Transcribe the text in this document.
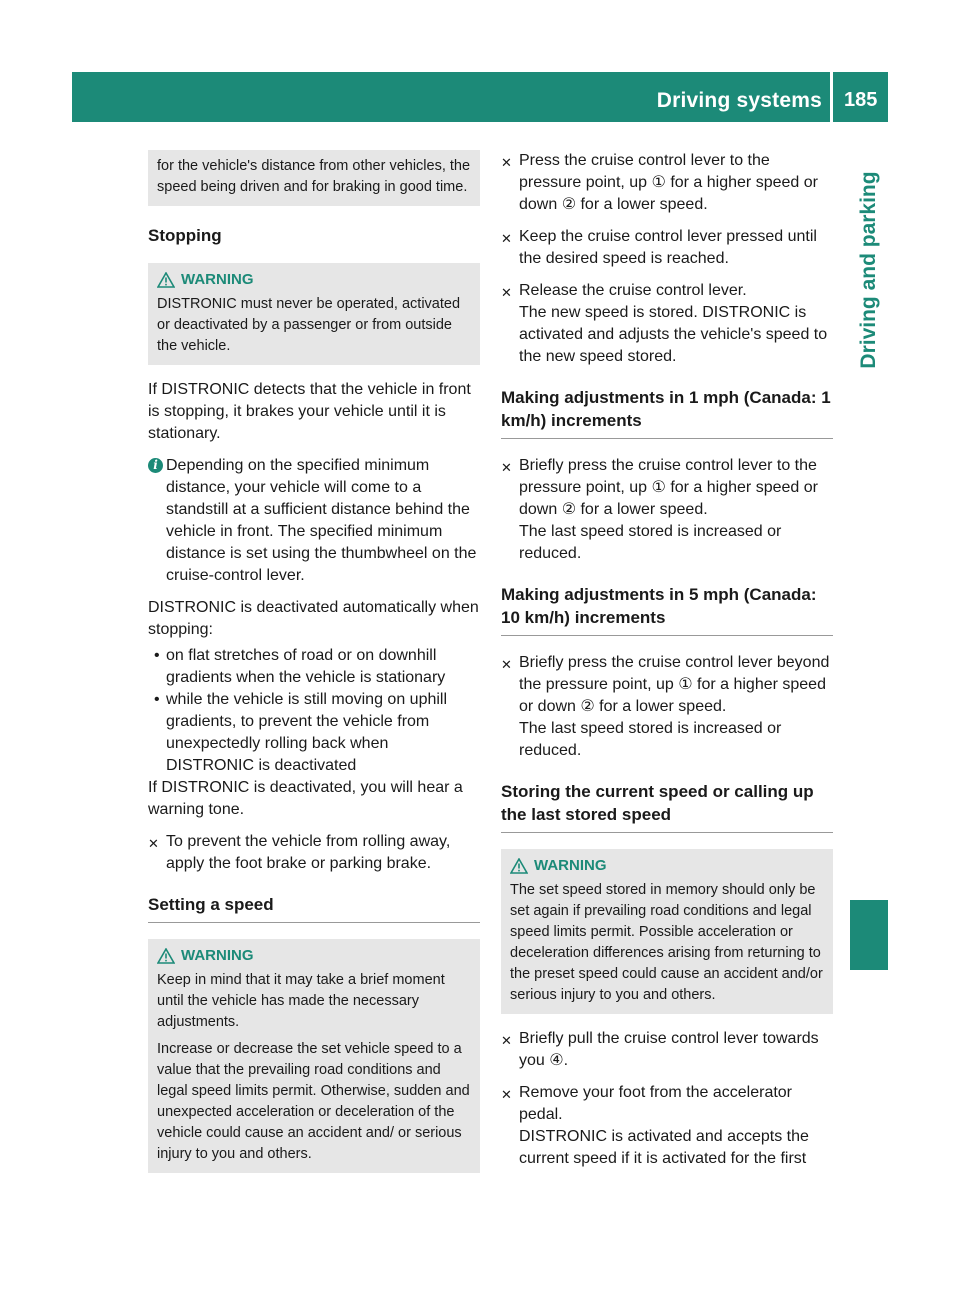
Driving systems 185
Driving and parking

for the vehicle's distance from other vehicles, the speed being driven and for braking in good time.

Stopping
WARNING

DISTRONIC must never be operated, activated or deactivated by a passenger or from outside the vehicle.

If DISTRONIC detects that the vehicle in front is stopping, it brakes your vehicle until it is stationary.

i Depending on the specified minimum distance, your vehicle will come to a standstill at a sufficient distance behind the vehicle in front. The specified minimum distance is set using the thumbwheel on the cruise-control lever.

DISTRONIC is deactivated automatically when stopping:

• on flat stretches of road or on downhill gradients when the vehicle is stationary
• while the vehicle is still moving on uphill gradients, to prevent the vehicle from unexpectedly rolling back when DISTRONIC is deactivated

If DISTRONIC is deactivated, you will hear a warning tone.

✕ To prevent the vehicle from rolling away, apply the foot brake or parking brake.
Setting a speed
WARNING

Keep in mind that it may take a brief moment until the vehicle has made the necessary adjustments.

Increase or decrease the set vehicle speed to a value that the prevailing road conditions and legal speed limits permit. Otherwise, sudden and unexpected acceleration or deceleration of the vehicle could cause an accident and/ or serious injury to you and others.

✕ Press the cruise control lever to the pressure point, up ① for a higher speed or down ② for a lower speed.
✕ Keep the cruise control lever pressed until the desired speed is reached.
✕ Release the cruise control lever.
The new speed is stored. DISTRONIC is activated and adjusts the vehicle's speed to the new speed stored.
Making adjustments in 1 mph (Canada: 1 km/h) increments
✕ Briefly press the cruise control lever to the pressure point, up ① for a higher speed or down ② for a lower speed.
The last speed stored is increased or reduced.
Making adjustments in 5 mph (Canada: 10 km/h) increments
✕ Briefly press the cruise control lever beyond the pressure point, up ① for a higher speed or down ② for a lower speed.
The last speed stored is increased or reduced.
Storing the current speed or calling up the last stored speed
WARNING

The set speed stored in memory should only be set again if prevailing road conditions and legal speed limits permit. Possible acceleration or deceleration differences arising from returning to the preset speed could cause an accident and/or serious injury to you and others.

✕ Briefly pull the cruise control lever towards you ④.
✕ Remove your foot from the accelerator pedal.
DISTRONIC is activated and accepts the current speed if it is activated for the first
